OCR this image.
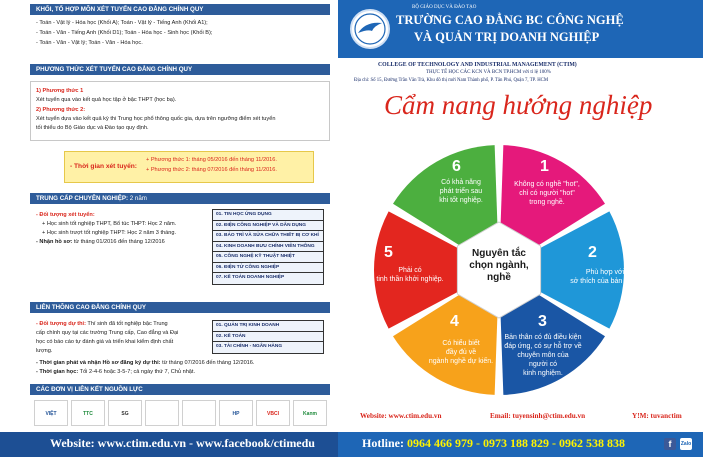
KHỐI, TỔ HỢP MÔN XÉT TUYỂN CAO ĐẲNG CHÍNH QUY
- Toán - Vật lý - Hóa học (Khối A); Toán - Vật lý - Tiếng Anh (Khối A1);
- Toán - Văn - Tiếng Anh (Khối D1); Toán - Hóa học - Sinh học (Khối B);
- Toán - Văn - Vật lý; Toán - Văn - Hóa học.
PHƯƠNG THỨC XÉT TUYỂN CAO ĐẲNG CHÍNH QUY
1) Phương thức 1
Xét tuyển qua vào kết quả học tập ở bậc THPT (học bạ).
2) Phương thức 2:
Xét tuyển dựa vào kết quả kỳ thi Trung học phổ thông quốc gia, dựa trên ngưỡng điểm xét tuyển
tối thiểu do Bộ Giáo dục và Đào tạo quy định.
- Thời gian xét tuyển:
+ Phương thức 1: tháng 05/2016 đến tháng 11/2016.
+ Phương thức 2: tháng 07/2016 đến tháng 11/2016.
TRUNG CẤP CHUYÊN NGHIỆP: 2 năm
- Đối tượng xét tuyển:
+ Học sinh tốt nghiệp THPT, Bổ túc THPT: Học 2 năm.
+ Học sinh trượt tốt nghiệp THPT: Học 2 năm 3 tháng.
- Nhận hồ sơ: từ tháng 01/2016 đến tháng 12/2016
01. TIN HỌC ỨNG DỤNG
02. ĐIỆN CÔNG NGHIỆP VÀ DÂN DỤNG
03. BẢO TRÌ VÀ SỬA CHỮA THIẾT BỊ CƠ KHÍ
04. KINH DOANH BƯU CHÍNH VIỄN THÔNG
05. CÔNG NGHỆ KỸ THUẬT NHIỆT
06. ĐIỆN TỬ CÔNG NGHIỆP
07. KẾ TOÁN DOANH NGHIỆP
LIÊN THÔNG CAO ĐẲNG CHÍNH QUY
- Đối tượng dự thi: Thí sinh đã tốt nghiệp bậc Trung
cấp chính quy tại các trường Trung cấp, Cao đẳng và Đại
học có báo cáo tự đánh giá và triển khai kiểm định chất
lượng.
- Thời gian phát và nhận Hồ sơ đăng ký dự thi: từ tháng 07/2016 đến tháng 12/2016.
- Thời gian học: Tối 2-4-6 hoặc 3-5-7; cả ngày thứ 7, Chủ nhật.
01. QUẢN TRỊ KINH DOANH
02. KẾ TOÁN
03. TÀI CHÍNH - NGÂN HÀNG
CÁC ĐƠN VỊ LIÊN KẾT NGUỒN LỰC
VIỆT	TTC	SG	HP	VBCI	Kanm
BỘ GIÁO DỤC VÀ ĐÀO TẠO
TRƯỜNG CAO ĐẲNG BC CÔNG NGHỆ
VÀ QUẢN TRỊ DOANH NGHIỆP
COLLEGE OF TECHNOLOGY AND INDUSTRIAL MANAGEMENT (CTIM)
THỰC TẾ HỌC CÁC KCN VÀ BCN TP.HCM với tỉ lệ 100%
Địa chỉ: Số 15, Đường Trần Văn Trà, Khu đô thị mới Nam Thành phố, P. Tân Phú, Quận 7, TP. HCM
Cẩm nang hướng nghiệp
1
Không có nghề "hot",
chỉ có người "hot"
trong nghề.
2
Phù hợp với
sở thích của bản thân.
3
Bản thân có đủ điều kiện
đáp ứng, có sự hỗ trợ về
chuyên môn của
người có
kinh nghiệm.
4
Có hiểu biết
đầy đủ về
ngành nghề dự kiến.
5
Phải có
tinh thần khởi nghiệp.
6
Có khả năng
phát triển sau
khi tốt nghiệp.
Nguyên tắc
chọn ngành,
nghề
Website: www.ctim.edu.vn	Email: tuyensinh@ctim.edu.vn	Y!M: tuvanctim
Website: www.ctim.edu.vn - www.facebook/ctimedu	Hotline: 0964 466 979 - 0973 188 829 - 0962 538 838	f	Zalo
